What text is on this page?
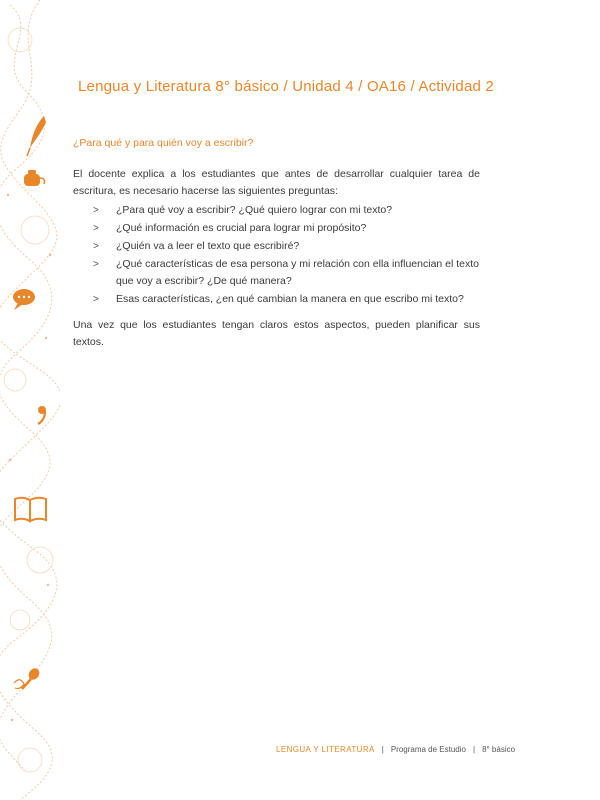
Lengua y Literatura 8° básico / Unidad 4 / OA16 / Actividad 2
¿Para qué y para quién voy a escribir?

El docente explica a los estudiantes que antes de desarrollar cualquier tarea de escritura, es necesario hacerse las siguientes preguntas:

> ¿Para qué voy a escribir? ¿Qué quiero lograr con mi texto?
> ¿Qué información es crucial para lograr mi propósito?
> ¿Quién va a leer el texto que escribiré?
> ¿Qué características de esa persona y mi relación con ella influencian el texto que voy a escribir? ¿De qué manera?
> Esas características, ¿en qué cambian la manera en que escribo mi texto?

Una vez que los estudiantes tengan claros estos aspectos, pueden planificar sus textos.

LENGUA Y LITERATURA | Programa de Estudio | 8° básico
